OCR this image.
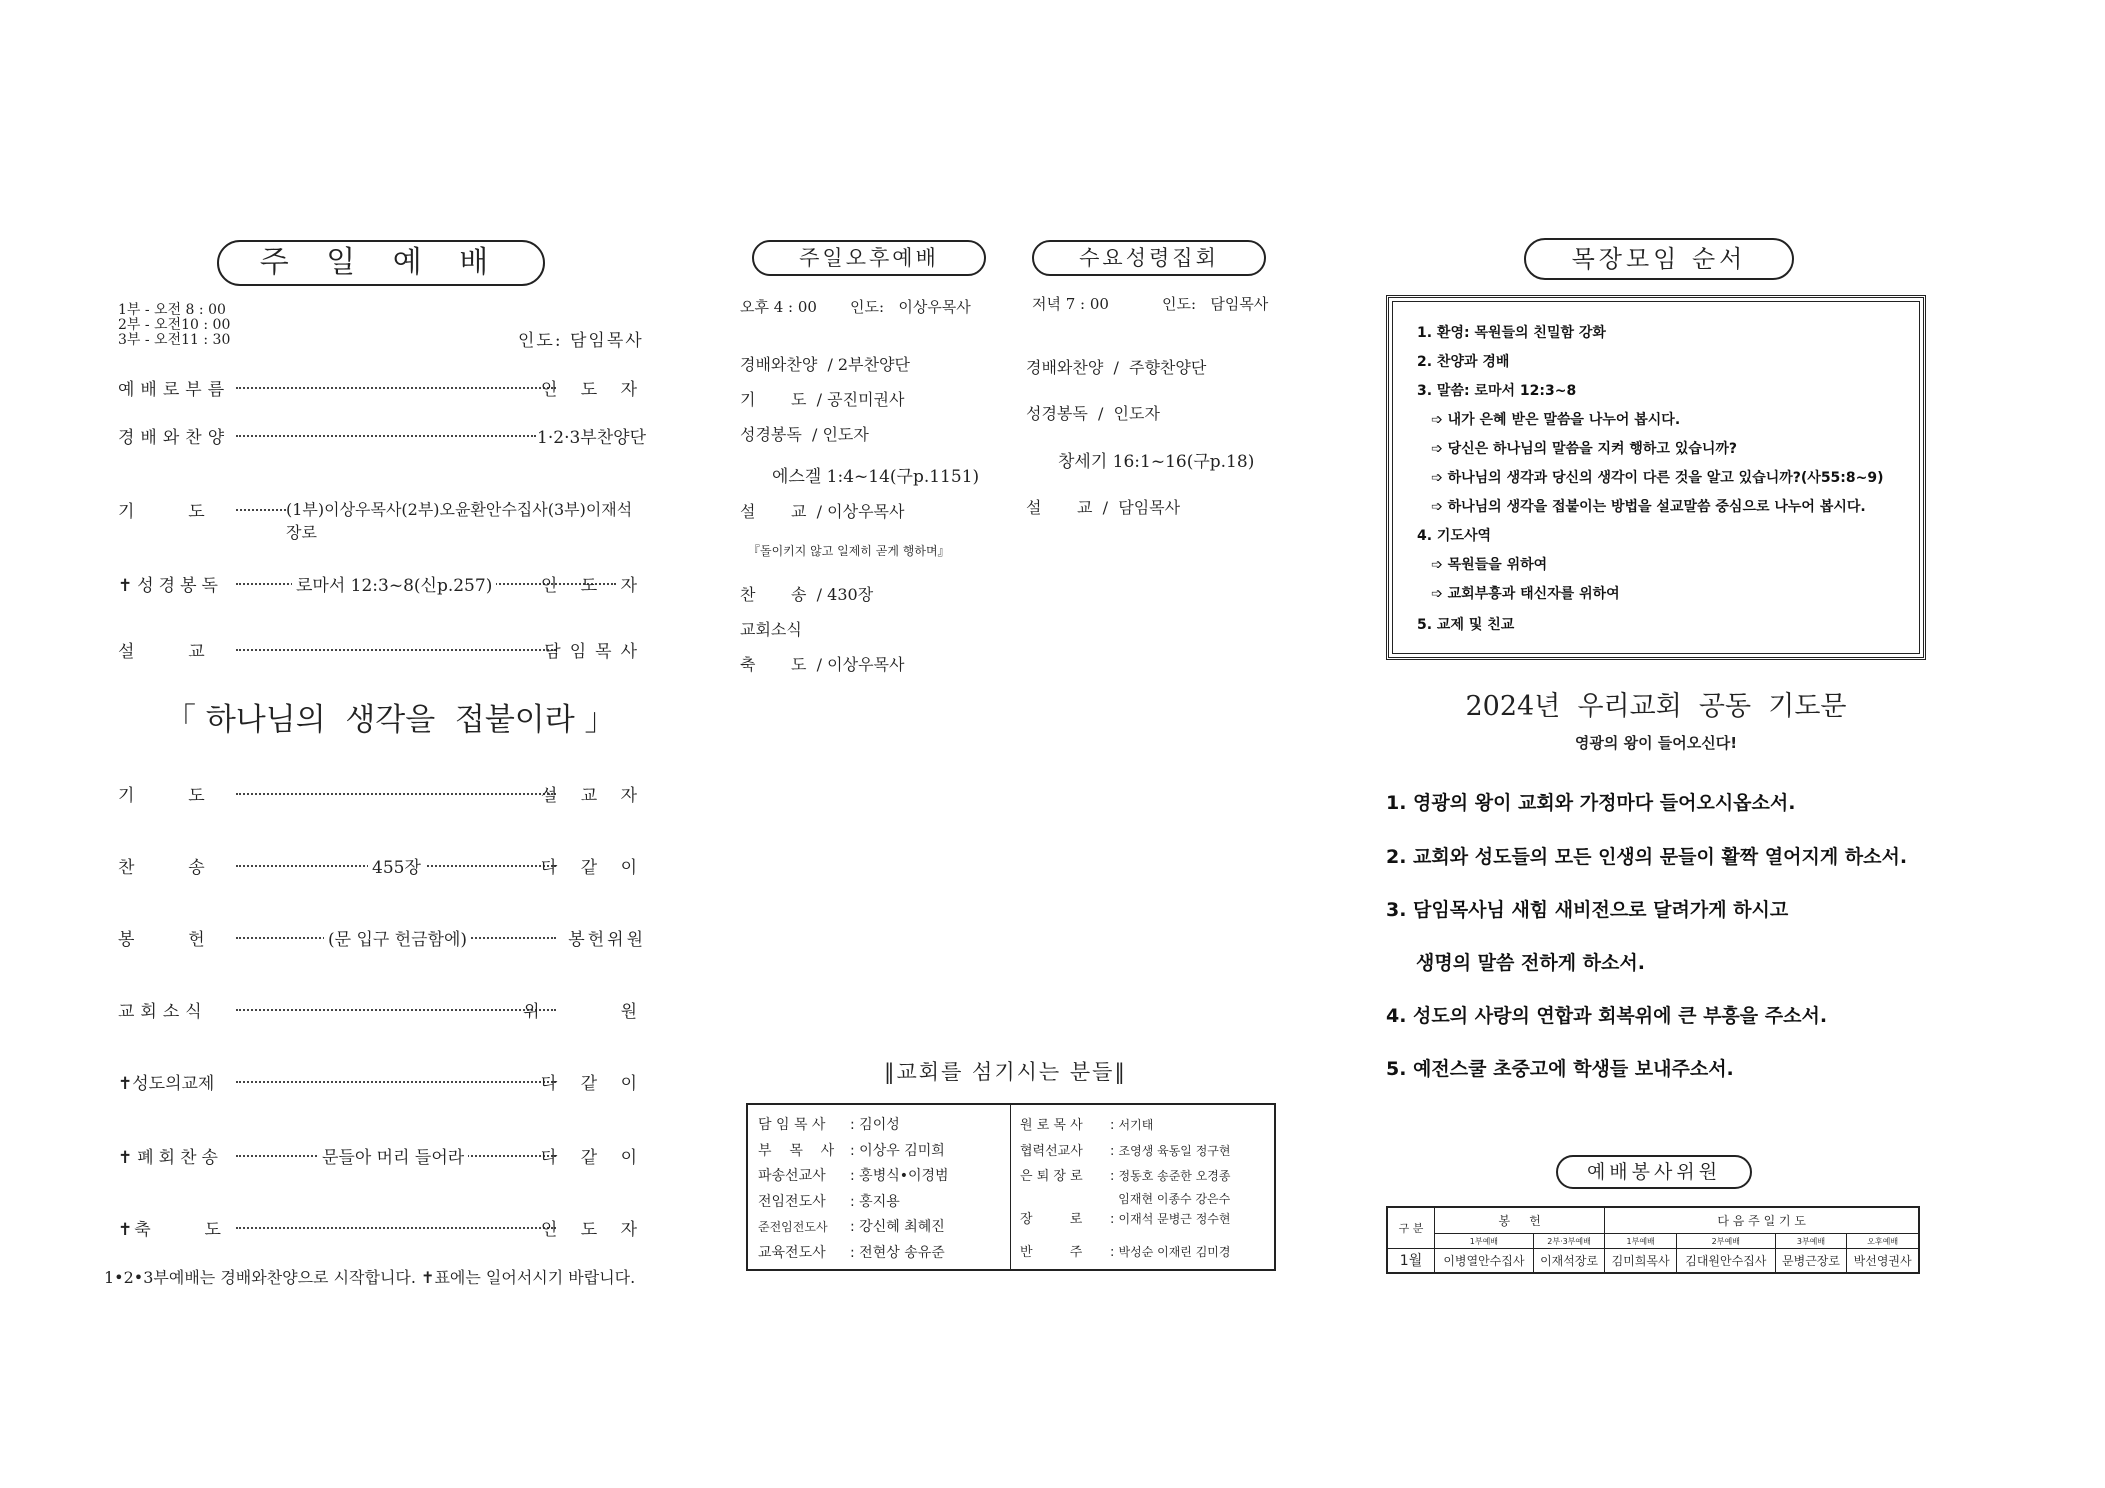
주 일 예 배
1부 - 오전 8 : 00
2부 - 오전10 : 00
3부 - 오전11 : 30	인도: 담임목사
예배로부름	인 도 자
경배와찬양	1·2·3부찬양단
기       도	(1부)이상우목사(2부)오윤환안수집사(3부)이재석장로
✝성경봉독	로마서 12:3~8(신p.257)	인 도 자
설       교	담임목사
「 하나님의  생각을  접붙이라 」
기       도	설 교 자
찬       송	455장	다 같 이
봉       헌	(문 입구 헌금함에)	봉헌위원
교회소식	위     원
✝성도의교제	다 같 이
✝폐회찬송	문들아 머리 들어라	다 같 이
✝축       도	인 도 자
1•2•3부예배는 경배와찬양으로 시작합니다. ✝표에는 일어서시기 바랍니다.
주일오후예배
오후 4 : 00 인도:   이상우목사
경배와찬양  / 2부찬양단
기       도  / 공진미권사
성경봉독  / 인도자
에스겔 1:4~14(구p.1151)
설       교  / 이상우목사
『돌이키지 않고 일제히 곧게 행하며』
찬       송  / 430장
교회소식
축       도  / 이상우목사
수요성령집회
저녁 7 : 00	인도:   담임목사
경배와찬양  /  주향찬양단
성경봉독  /  인도자
창세기 16:1~16(구p.18)
설       교  /  담임목사
‖교회를 섬기시는 분들‖
담 임 목 사 : 김이성
부    목    사 : 이상우 김미희
파송선교사 : 홍병식•이경범
전임전도사 : 홍지용
준전임전도사 : 강신혜 최혜진
교육전도사 : 전현상 송유준
원 로 목 사 : 서기태
협력선교사 : 조영생 육동일 정구현
은 퇴 장 로 : 정동호 송준한 오경종
임재현 이종수 강은수
장         로 : 이재석 문병근 정수현
반         주 : 박성순 이재린 김미경
목장모임 순서
1. 환영: 목원들의 친밀함 강화
2. 찬양과 경배
3. 말씀: 로마서 12:3~8
➩ 내가 은혜 받은 말씀을 나누어 봅시다.
➩ 당신은 하나님의 말씀을 지켜 행하고 있습니까?
➩ 하나님의 생각과 당신의 생각이 다른 것을 알고 있습니까?(사55:8~9)
➩ 하나님의 생각을 접붙이는 방법을 설교말씀 중심으로 나누어 봅시다.
4. 기도사역
➩ 목원들을 위하여
➩ 교회부흥과 태신자를 위하여
5. 교제 및 친교
2024년  우리교회  공동  기도문
영광의 왕이 들어오신다!
1. 영광의 왕이 교회와 가정마다 들어오시옵소서.
2. 교회와 성도들의 모든 인생의 문들이 활짝 열어지게 하소서.
3. 담임목사님 새힘 새비전으로 달려가게 하시고
생명의 말씀 전하게 하소서.
4. 성도의 사랑의 연합과 회복위에 큰 부흥을 주소서.
5. 예전스쿨 초중고에 학생들 보내주소서.
예배봉사위원
구 분	봉     헌		다 음 주 일 기 도			
	1부예배	2부·3부예배	1부예배	2부예배	3부예배	오후예배
1월	이병열안수집사	이재석장로	김미희목사	김대원안수집사	문병근장로	박선영권사
